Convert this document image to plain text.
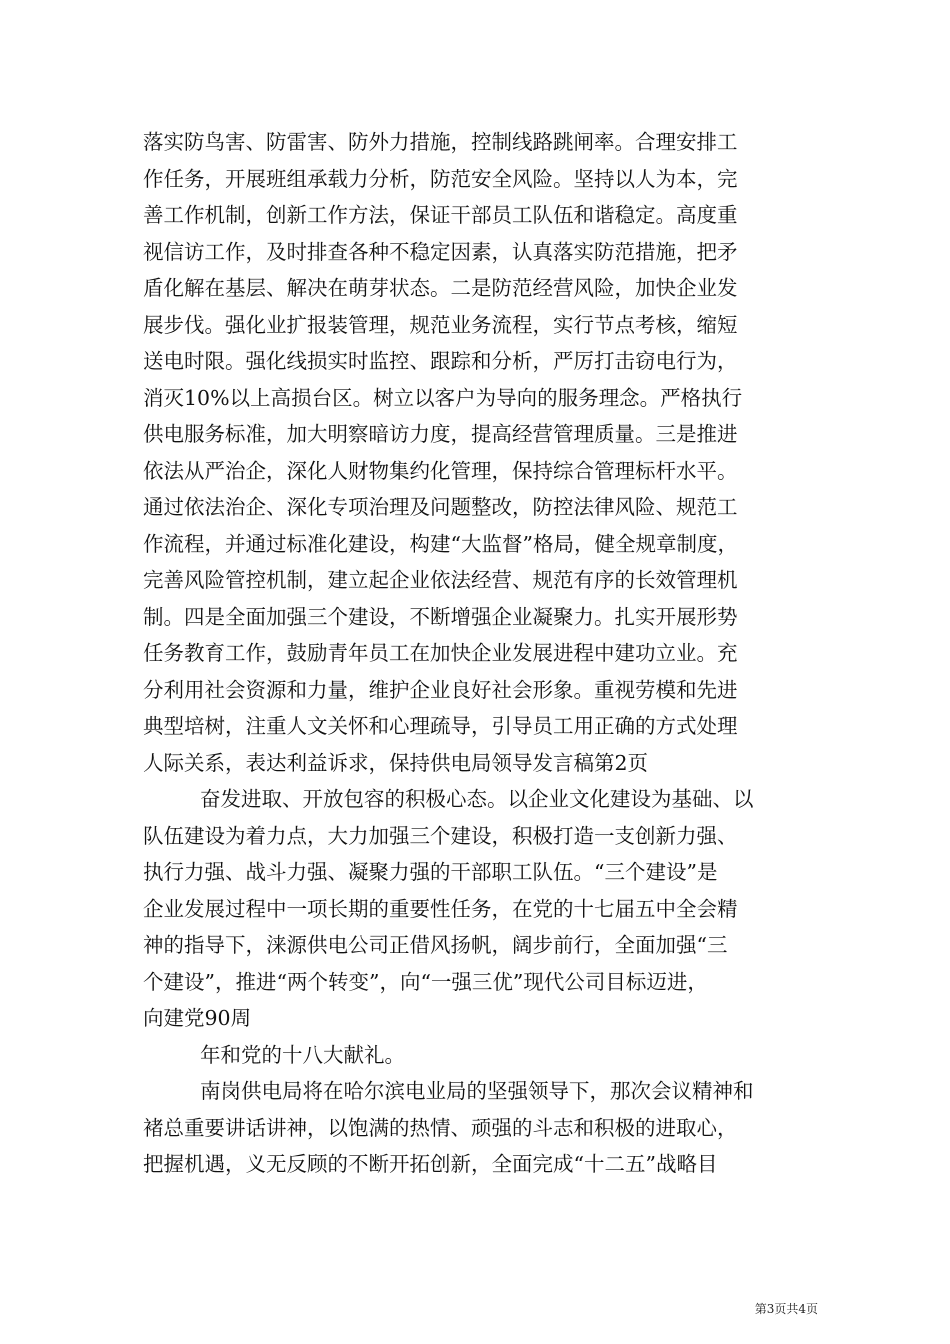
落实防鸟害、防雷害、防外力措施，控制线路跳闸率。合理安排工
作任务，开展班组承载力分析，防范安全风险。坚持以人为本，完
善工作机制，创新工作方法，保证干部员工队伍和谐稳定。高度重
视信访工作，及时排查各种不稳定因素，认真落实防范措施，把矛
盾化解在基层、解决在萌芽状态。二是防范经营风险，加快企业发
展步伐。强化业扩报装管理，规范业务流程，实行节点考核，缩短
送电时限。强化线损实时监控、跟踪和分析，严厉打击窃电行为，
消灭10%以上高损台区。树立以客户为导向的服务理念。严格执行
供电服务标准，加大明察暗访力度，提高经营管理质量。三是推进
依法从严治企，深化人财物集约化管理，保持综合管理标杆水平。
通过依法治企、深化专项治理及问题整改，防控法律风险、规范工
作流程，并通过标准化建设，构建“大监督”格局，健全规章制度，
完善风险管控机制，建立起企业依法经营、规范有序的长效管理机
制。四是全面加强三个建设，不断增强企业凝聚力。扎实开展形势
任务教育工作，鼓励青年员工在加快企业发展进程中建功立业。充
分利用社会资源和力量，维护企业良好社会形象。重视劳模和先进
典型培树，注重人文关怀和心理疏导，引导员工用正确的方式处理
人际关系，表达利益诉求，保持供电局领导发言稿第2页
奋发进取、开放包容的积极心态。以企业文化建设为基础、以
队伍建设为着力点，大力加强三个建设，积极打造一支创新力强、
执行力强、战斗力强、凝聚力强的干部职工队伍。“三个建设”是
企业发展过程中一项长期的重要性任务，在党的十七届五中全会精
神的指导下，涞源供电公司正借风扬帆，阔步前行，全面加强“三
个建设”，推进“两个转变”，向“一强三优”现代公司目标迈进，
向建党90周
年和党的十八大献礼。
南岗供电局将在哈尔滨电业局的坚强领导下，那次会议精神和
褚总重要讲话讲神，以饱满的热情、顽强的斗志和积极的进取心，
把握机遇，义无反顾的不断开拓创新，全面完成“十二五”战略目
第3页共4页
